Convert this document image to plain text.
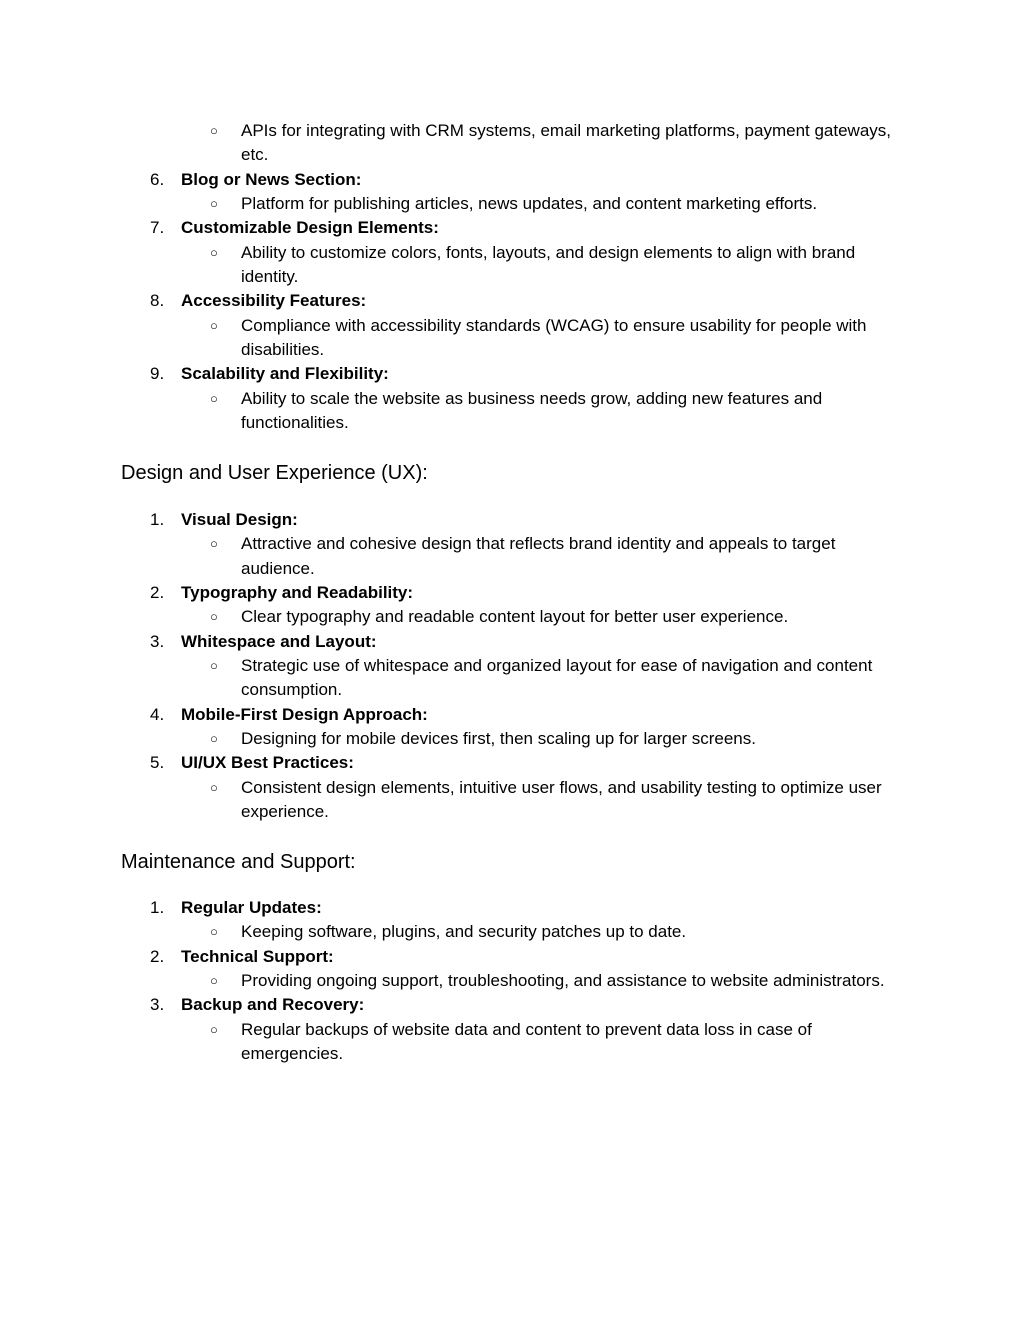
○	APIs for integrating with CRM systems, email marketing platforms, payment gateways, etc.
6. Blog or News Section:
○	Platform for publishing articles, news updates, and content marketing efforts.
7. Customizable Design Elements:
○	Ability to customize colors, fonts, layouts, and design elements to align with brand identity.
8. Accessibility Features:
○	Compliance with accessibility standards (WCAG) to ensure usability for people with disabilities.
9. Scalability and Flexibility:
○	Ability to scale the website as business needs grow, adding new features and functionalities.
Design and User Experience (UX):
1. Visual Design:
○	Attractive and cohesive design that reflects brand identity and appeals to target audience.
2. Typography and Readability:
○	Clear typography and readable content layout for better user experience.
3. Whitespace and Layout:
○	Strategic use of whitespace and organized layout for ease of navigation and content consumption.
4. Mobile-First Design Approach:
○	Designing for mobile devices first, then scaling up for larger screens.
5. UI/UX Best Practices:
○	Consistent design elements, intuitive user flows, and usability testing to optimize user experience.
Maintenance and Support:
1. Regular Updates:
○	Keeping software, plugins, and security patches up to date.
2. Technical Support:
○	Providing ongoing support, troubleshooting, and assistance to website administrators.
3. Backup and Recovery:
○	Regular backups of website data and content to prevent data loss in case of emergencies.
